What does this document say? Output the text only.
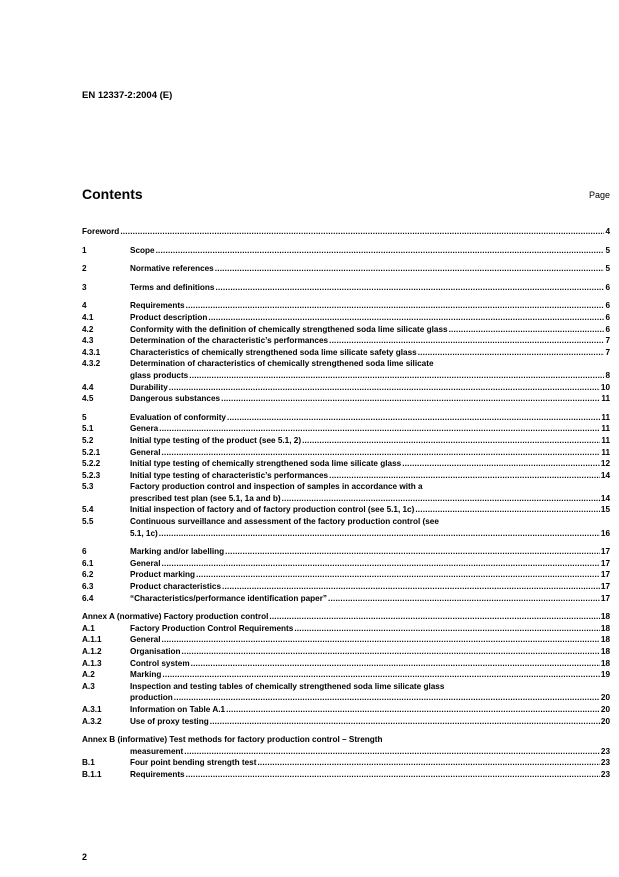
EN 12337-2:2004 (E)
Contents	Page
Foreword .....	4
1	Scope .....	5
2	Normative references .....	5
3	Terms and definitions .....	6
4	Requirements .....	6
4.1	Product description .....	6
4.2	Conformity with the definition of chemically strengthened soda lime silicate glass .....	6
4.3	Determination of the characteristic’s performances .....	7
4.3.1	Characteristics of chemically strengthened soda lime silicate safety glass .....	7
4.3.2	Determination of characteristics of chemically strengthened soda lime silicate
glass products .....	8
4.4	Durability .....	10
4.5	Dangerous substances .....	11
5	Evaluation of conformity .....	11
5.1	Genera .....	11
5.2	Initial type testing of the product (see 5.1, 2) .....	11
5.2.1	General .....	11
5.2.2	Initial type testing of chemically strengthened soda lime silicate glass .....	12
5.2.3	Initial type testing of characteristic’s performances .....	14
5.3	Factory production control and inspection of samples in accordance with a
prescribed test plan (see 5.1, 1a and b) .....	14
5.4	Initial inspection of factory and of factory production control (see 5.1, 1c) .....	15
5.5	Continuous surveillance and assessment of the factory production control (see
5.1, 1c) .....	16
6	Marking and/or labelling .....	17
6.1	General .....	17
6.2	Product marking .....	17
6.3	Product characteristics .....	17
6.4	“Characteristics/performance identification paper” .....	17
Annex A (normative) Factory production control .....	18
A.1	Factory Production Control Requirements .....	18
A.1.1	General .....	18
A.1.2	Organisation .....	18
A.1.3	Control system .....	18
A.2	Marking .....	19
A.3	Inspection and testing tables of chemically strengthened soda lime silicate glass
production .....	20
A.3.1	Information on Table A.1 .....	20
A.3.2	Use of proxy testing .....	20
Annex B (informative) Test methods for factory production control – Strength
measurement .....	23
B.1	Four point bending strength test .....	23
B.1.1	Requirements .....	23
2
